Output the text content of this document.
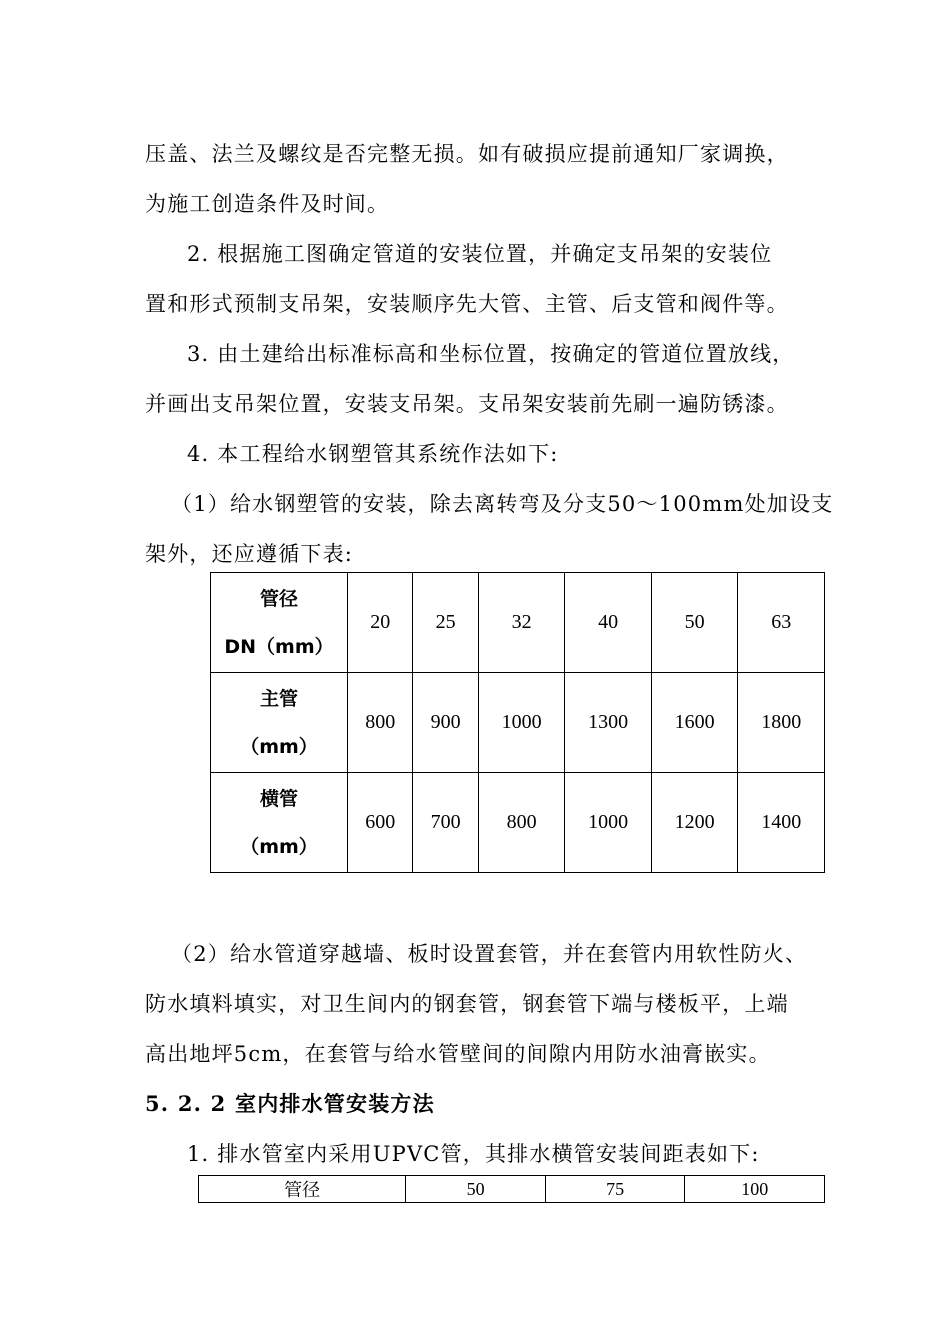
压盖、法兰及螺纹是否完整无损。如有破损应提前通知厂家调换，
为施工创造条件及时间。
2. 根据施工图确定管道的安装位置，并确定支吊架的安装位
置和形式预制支吊架，安装顺序先大管、主管、后支管和阀件等。
3. 由土建给出标准标高和坐标位置，按确定的管道位置放线，
并画出支吊架位置，安装支吊架。支吊架安装前先刷一遍防锈漆。
4. 本工程给水钢塑管其系统作法如下:
（1）给水钢塑管的安装，除去离转弯及分支50～100mm处加设支
架外，还应遵循下表:
管径
DN（mm）	20	25	32	40	50	63

主管
（mm）	800	900	1000	1300	1600	1800

横管
（mm）	600	700	800	1000	1200	1400
（2）给水管道穿越墙、板时设置套管，并在套管内用软性防火、
防水填料填实，对卫生间内的钢套管，钢套管下端与楼板平，上端
高出地坪5cm，在套管与给水管壁间的间隙内用防水油膏嵌实。
5. 2. 2 室内排水管安装方法
1. 排水管室内采用UPVC管，其排水横管安装间距表如下:
管径	50	75	100
